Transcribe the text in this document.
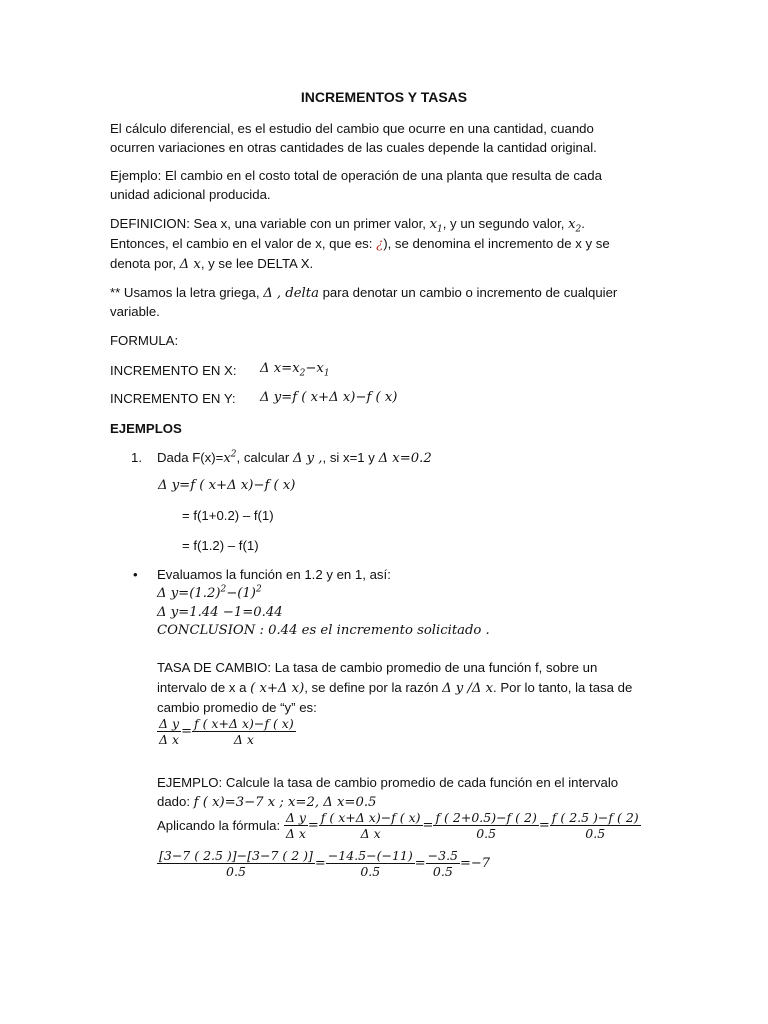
INCREMENTOS Y TASAS
El cálculo diferencial, es el estudio del cambio que ocurre en una cantidad, cuando
ocurren variaciones en otras cantidades de las cuales depende la cantidad original.
Ejemplo: El cambio en el costo total de operación de una planta que resulta de cada
unidad adicional producida.
DEFINICION: Sea x, una variable con un primer valor, $x_1$, y un segundo valor, $x_2$.
Entonces, el cambio en el valor de x, que es: ¿), se denomina el incremento de x y se
denota por, Δ x, y se lee DELTA X.
** Usamos la letra griega, Δ , delta para denotar un cambio o incremento de cualquier
variable.
FORMULA:
INCREMENTO EN X: Δ $x=x_2-x_1$
INCREMENTO EN Y: Δ y=f ( x+Δ x)−f ( x)
EJEMPLOS
1. Dada $F(x)=x^2$, calcular Δ y ,, si x=1 y Δ x=0.2
Δ y=f ( x+Δ x)−f ( x)
= f(1+0.2) – f(1)
= f(1.2) – f(1)
• Evaluamos la función en 1.2 y en 1, así:
Δ $y=(1.2)^2-(1)^2$
Δ y=1.44 −1=0.44
CONCLUSION : 0.44 es el incremento solicitado .
TASA DE CAMBIO: La tasa de cambio promedio de una función f, sobre un
intervalo de x a ( x+Δ x), se define por la razón Δ y /Δ x. Por lo tanto, la tasa de
cambio promedio de “y” es:
$\frac{\text{Δ y}}{\text{Δ x}} = \frac{\text{f ( x+Δ x)−f ( x)}}{\text{Δ x}}$
EJEMPLO: Calcule la tasa de cambio promedio de cada función en el intervalo
dado: f ( x)=3−7 x ; x=2, Δ x=0.5
Aplicando la fórmula: $\frac{\text{Δ y}}{\text{Δ x}} = \frac{\text{f ( x+Δ x)−f ( x)}}{\text{Δ x}} = \frac{f ( 2+0.5)-f ( 2)}{0.5} = \frac{f ( 2.5 )-f ( 2)}{0.5}$
$\frac{[3-7 ( 2.5 )]-[3-7 ( 2 )]}{0.5} = \frac{-14.5-(-11)}{0.5} = \frac{-3.5}{0.5} =-7$
